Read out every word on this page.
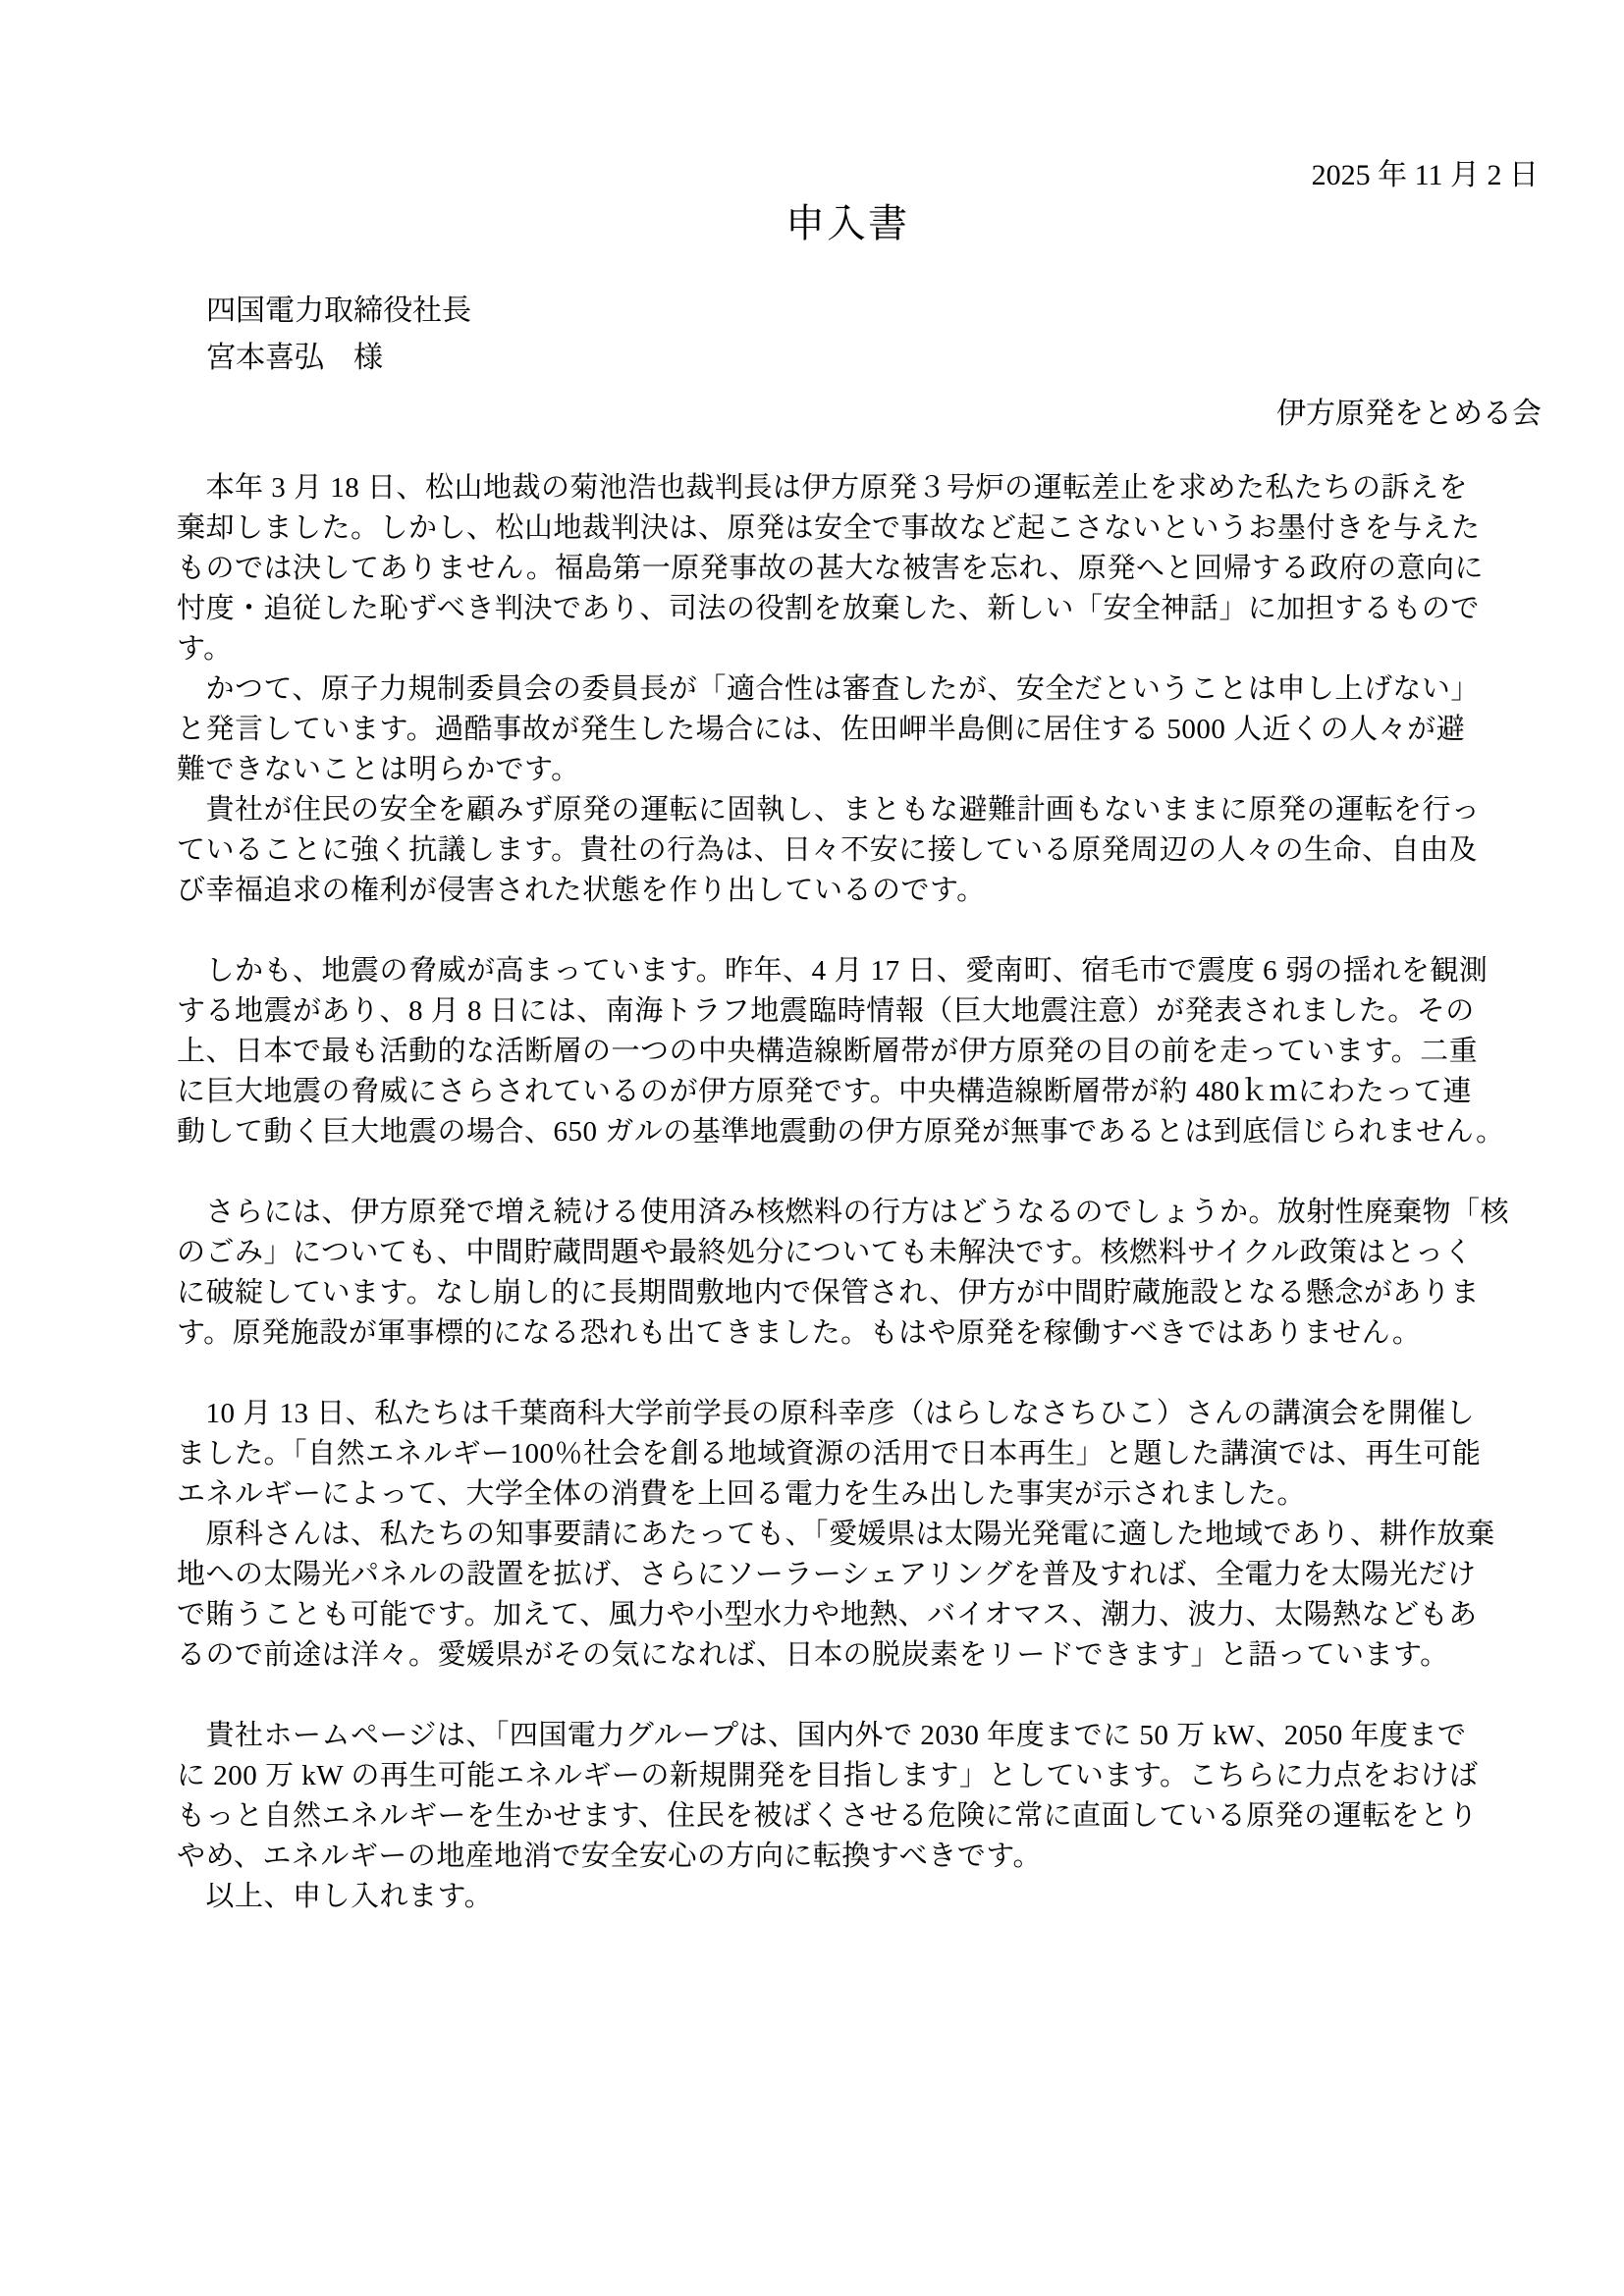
2025 年 11 月 2 日
申入書
四国電力取締役社長
宮本喜弘　様
伊方原発をとめる会
　本年 3 月 18 日、松山地裁の菊池浩也裁判長は伊方原発３号炉の運転差止を求めた私たちの訴えを
棄却しました。しかし、松山地裁判決は、原発は安全で事故など起こさないというお墨付きを与えた
ものでは決してありません。福島第一原発事故の甚大な被害を忘れ、原発へと回帰する政府の意向に
忖度・追従した恥ずべき判決であり、司法の役割を放棄した、新しい「安全神話」に加担するもので
す。
　かつて、原子力規制委員会の委員長が「適合性は審査したが、安全だということは申し上げない」
と発言しています。過酷事故が発生した場合には、佐田岬半島側に居住する 5000 人近くの人々が避
難できないことは明らかです。
　貴社が住民の安全を顧みず原発の運転に固執し、まともな避難計画もないままに原発の運転を行っ
ていることに強く抗議します。貴社の行為は、日々不安に接している原発周辺の人々の生命、自由及
び幸福追求の権利が侵害された状態を作り出しているのです。
　しかも、地震の脅威が高まっています。昨年、4 月 17 日、愛南町、宿毛市で震度 6 弱の揺れを観測
する地震があり、8 月 8 日には、南海トラフ地震臨時情報（巨大地震注意）が発表されました。その
上、日本で最も活動的な活断層の一つの中央構造線断層帯が伊方原発の目の前を走っています。二重
に巨大地震の脅威にさらされているのが伊方原発です。中央構造線断層帯が約 480ｋｍにわたって連
動して動く巨大地震の場合、650 ガルの基準地震動の伊方原発が無事であるとは到底信じられません。
　さらには、伊方原発で増え続ける使用済み核燃料の行方はどうなるのでしょうか。放射性廃棄物「核
のごみ」についても、中間貯蔵問題や最終処分についても未解決です。核燃料サイクル政策はとっく
に破綻しています。なし崩し的に長期間敷地内で保管され、伊方が中間貯蔵施設となる懸念がありま
す。原発施設が軍事標的になる恐れも出てきました。もはや原発を稼働すべきではありません。
　10 月 13 日、私たちは千葉商科大学前学長の原科幸彦（はらしなさちひこ）さんの講演会を開催し
ました。「自然エネルギー100％社会を創る地域資源の活用で日本再生」と題した講演では、再生可能
エネルギーによって、大学全体の消費を上回る電力を生み出した事実が示されました。
　原科さんは、私たちの知事要請にあたっても、「愛媛県は太陽光発電に適した地域であり、耕作放棄
地への太陽光パネルの設置を拡げ、さらにソーラーシェアリングを普及すれば、全電力を太陽光だけ
で賄うことも可能です。加えて、風力や小型水力や地熱、バイオマス、潮力、波力、太陽熱などもあ
るので前途は洋々。愛媛県がその気になれば、日本の脱炭素をリードできます」と語っています。
　貴社ホームページは、「四国電力グループは、国内外で 2030 年度までに 50 万 kW、2050 年度まで
に 200 万 kW の再生可能エネルギーの新規開発を目指します」としています。こちらに力点をおけば
もっと自然エネルギーを生かせます、住民を被ばくさせる危険に常に直面している原発の運転をとり
やめ、エネルギーの地産地消で安全安心の方向に転換すべきです。
　以上、申し入れます。
